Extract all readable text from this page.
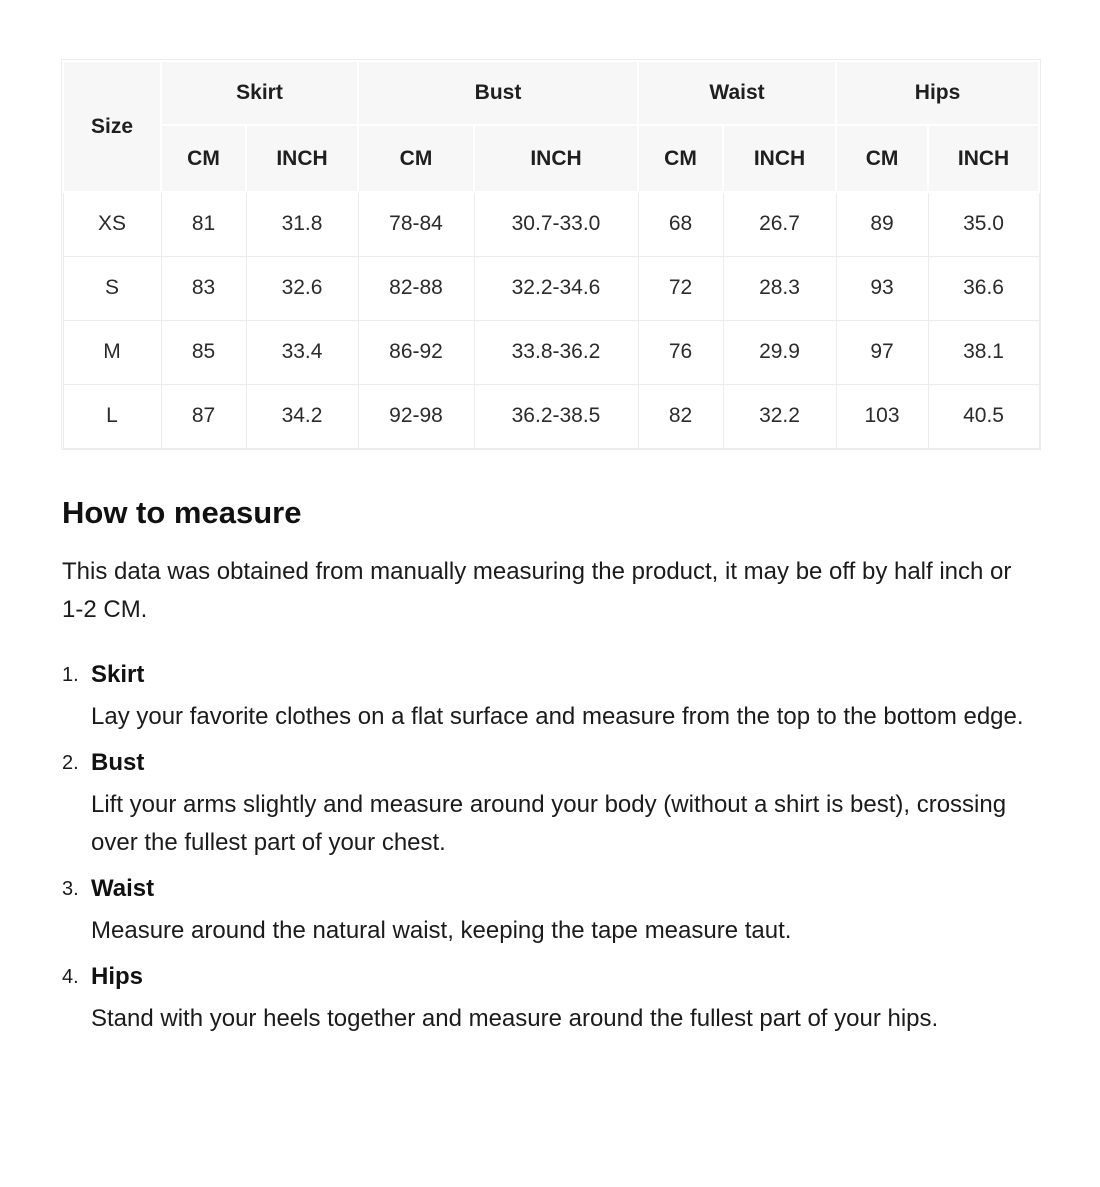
Size	Skirt		Bust		Waist		Hips	
	CM	INCH	CM	INCH	CM	INCH	CM	INCH
XS	81	31.8	78-84	30.7-33.0	68	26.7	89	35.0
S	83	32.6	82-88	32.2-34.6	72	28.3	93	36.6
M	85	33.4	86-92	33.8-36.2	76	29.9	97	38.1
L	87	34.2	92-98	36.2-38.5	82	32.2	103	40.5
How to measure

This data was obtained from manually measuring the product, it may be off by half inch or 1-2 CM.

1. Skirt
Lay your favorite clothes on a flat surface and measure from the top to the bottom edge.
2. Bust
Lift your arms slightly and measure around your body (without a shirt is best), crossing over the fullest part of your chest.
3. Waist
Measure around the natural waist, keeping the tape measure taut.
4. Hips
Stand with your heels together and measure around the fullest part of your hips.
